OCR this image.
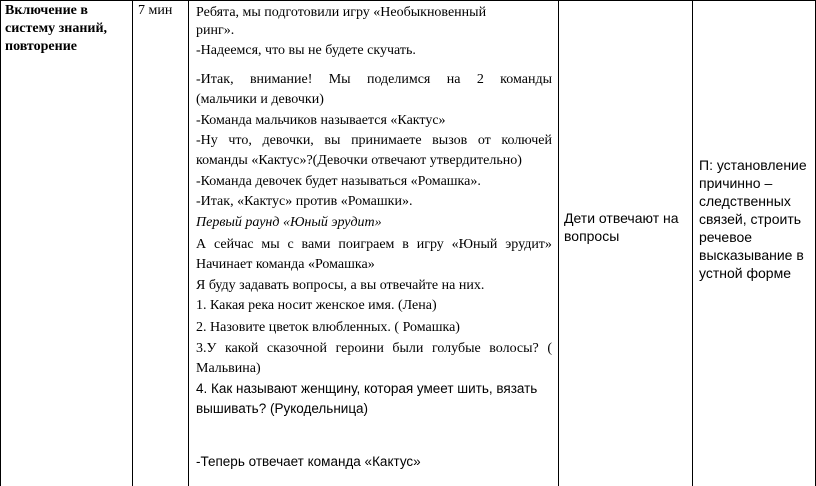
Включение в
систему знаний,
повторение
7 мин Ребята, мы подготовили игру «Необыкновенный
ринг».
-Надеемся, что вы не будете скучать.
-Итак, внимание! Мы поделимся на 2 команды
(мальчики и девочки)
-Команда мальчиков называется «Кактус»
-Ну что, девочки, вы принимаете вызов от колючей
команды «Кактус»?(Девочки отвечают утвердительно)
-Команда девочек будет называться «Ромашка».
-Итак, «Кактус» против «Ромашки».
Первый раунд «Юный эрудит»
А сейчас мы с вами поиграем в игру «Юный эрудит»
Начинает команда «Ромашка»
Я буду задавать вопросы, а вы отвечайте на них.
1. Какая река носит женское имя. (Лена)
2. Назовите цветок влюбленных. ( Ромашка)
3.У какой сказочной героини были голубые волосы? (
Мальвина)
4. Как называют женщину, которая умеет шить, вязать
вышивать? (Рукодельница)
-Теперь отвечает команда «Кактус»
Дети отвечают на
вопросы
П: установление
причинно –
следственных
связей, строить
речевое
высказывание в
устной форме
